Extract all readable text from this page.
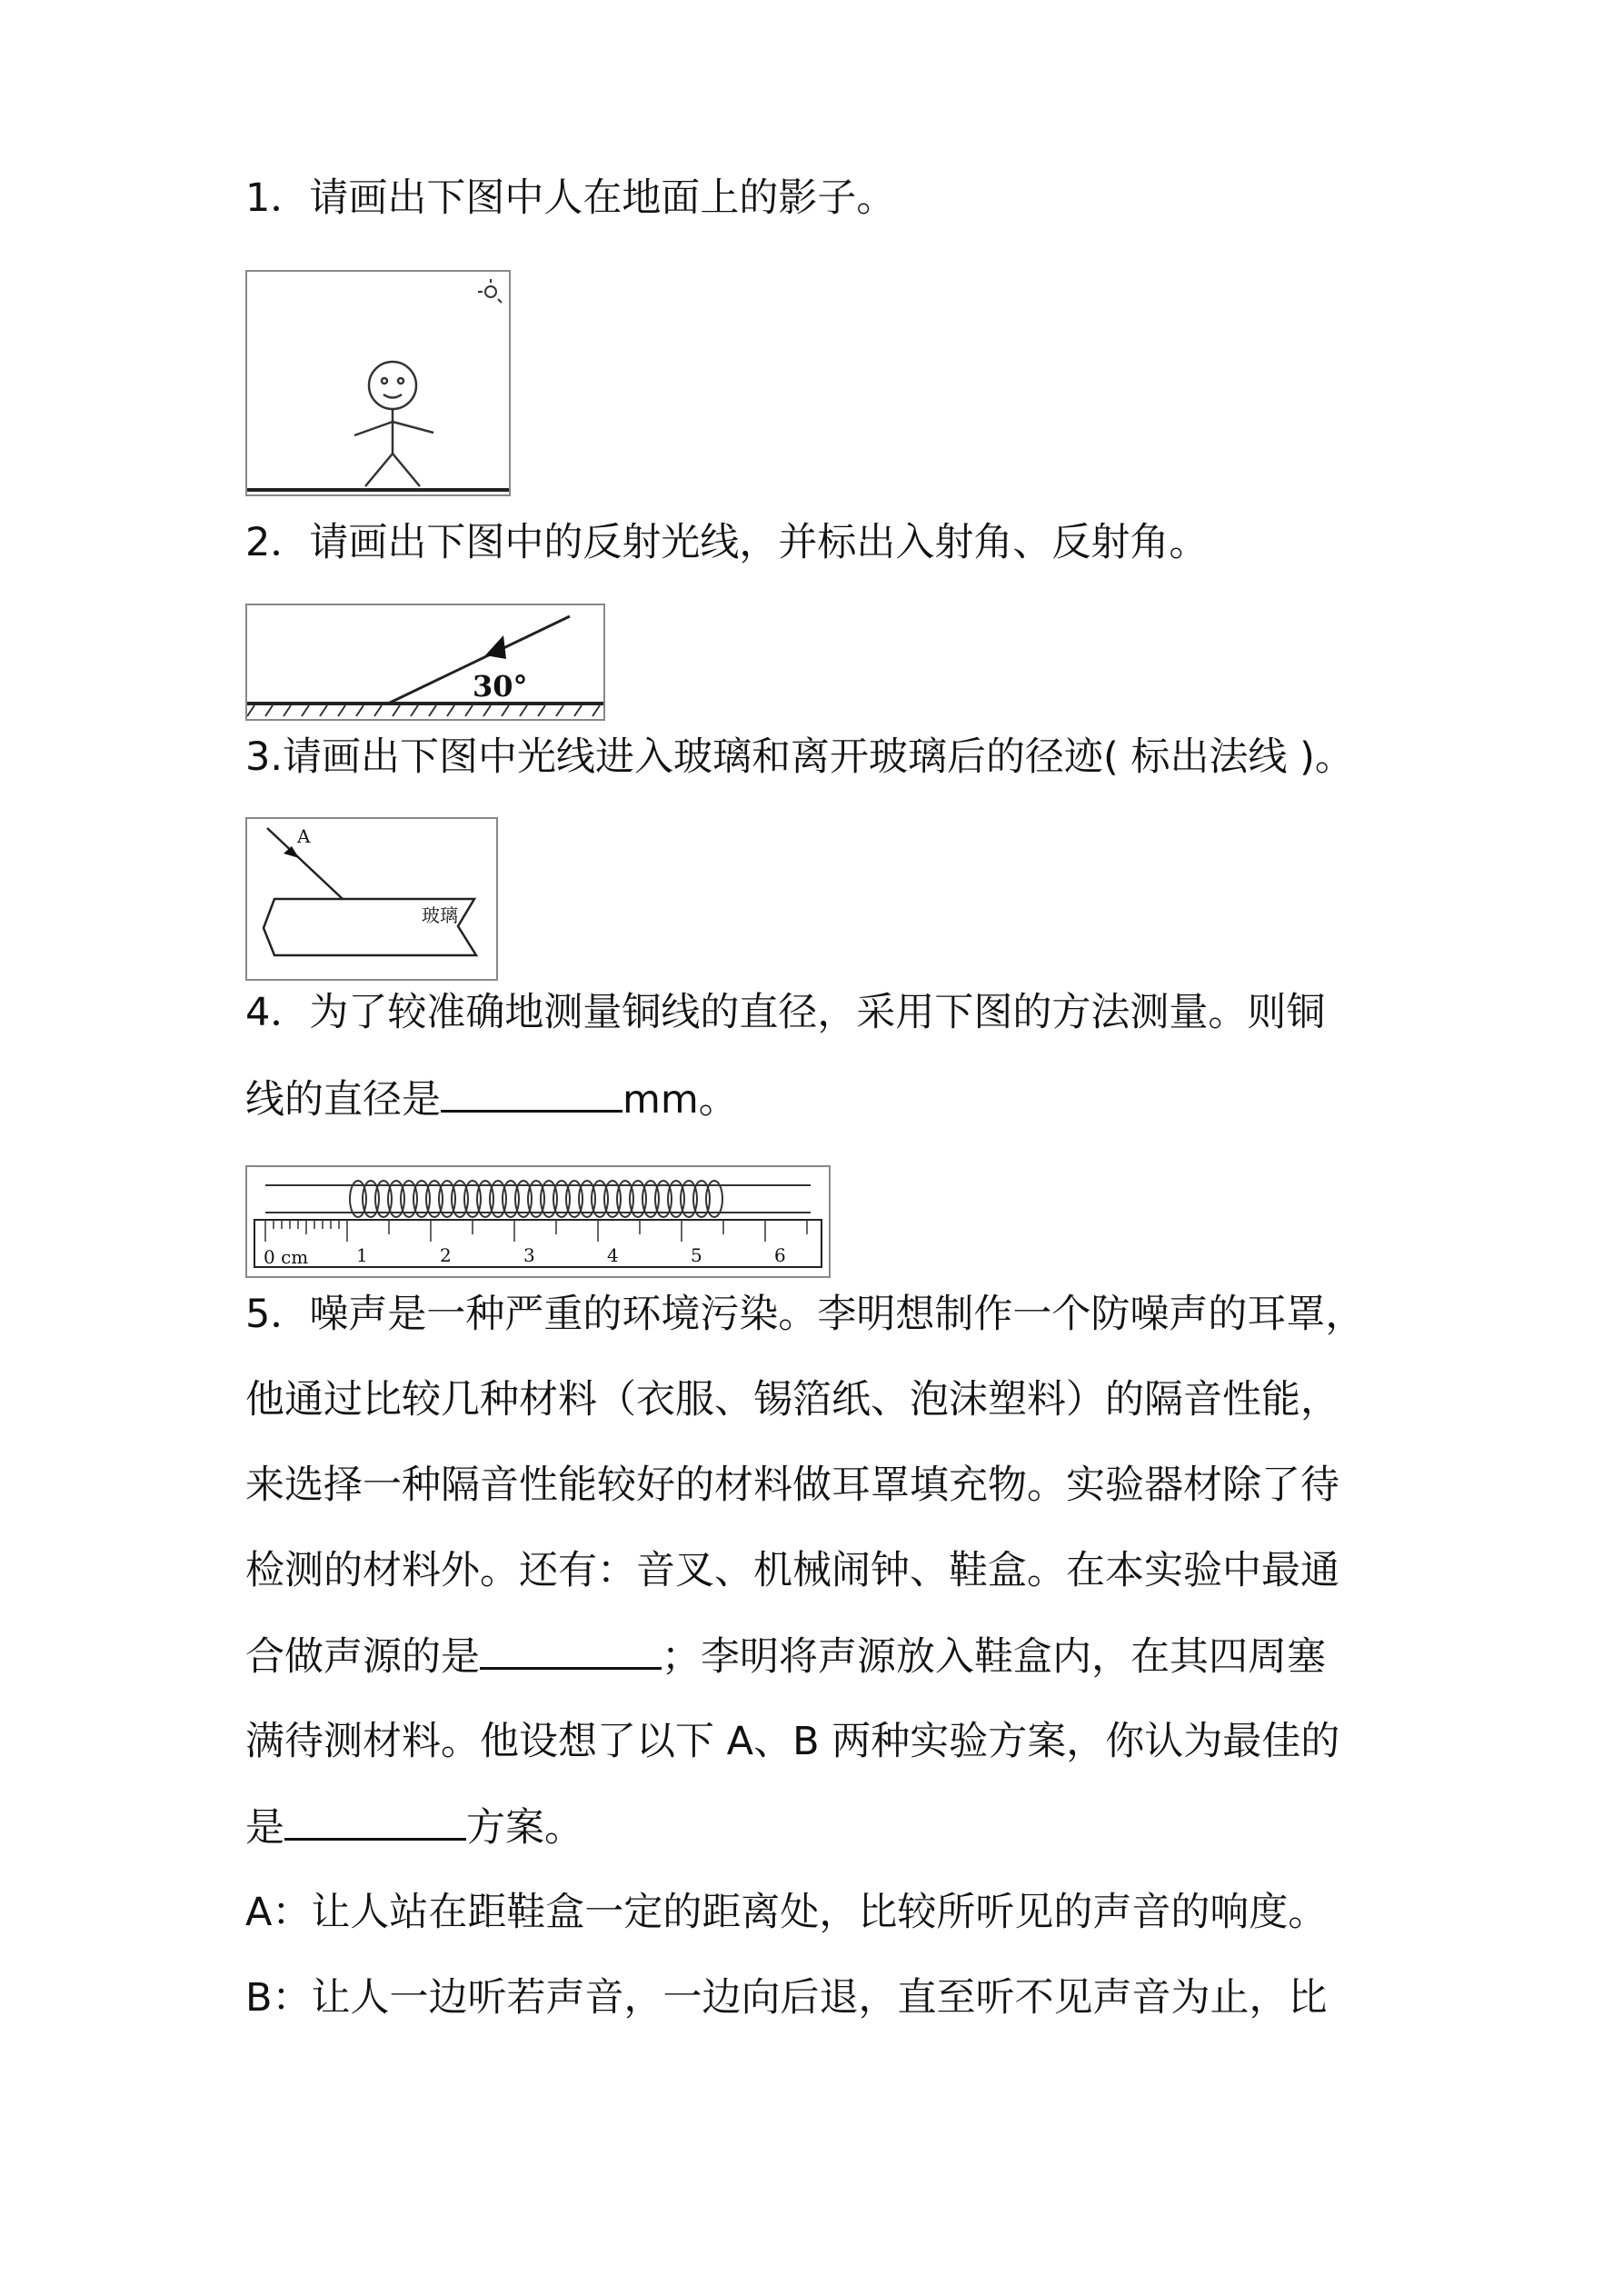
1．请画出下图中人在地面上的影子。
2．请画出下图中的反射光线，并标出入射角、反射角。
30°
3.请画出下图中光线进入玻璃和离开玻璃后的径迹( 标出法线 )。
A
玻璃
4．为了较准确地测量铜线的直径，采用下图的方法测量。则铜
线的直径是	mm。
0 cm	1	2	3	4	5	6
5．噪声是一种严重的环境污染。李明想制作一个防噪声的耳罩，
他通过比较几种材料（衣服、锡箔纸、泡沫塑料）的隔音性能，
来选择一种隔音性能较好的材料做耳罩填充物。实验器材除了待
检测的材料外。还有：音叉、机械闹钟、鞋盒。在本实验中最通
合做声源的是	；李明将声源放入鞋盒内，在其四周塞
满待测材料。他设想了以下 A、B 两种实验方案，你认为最佳的
是	方案。
A：让人站在距鞋盒一定的距离处，比较所听见的声音的响度。
B：让人一边听若声音，一边向后退，直至听不见声音为止，比
